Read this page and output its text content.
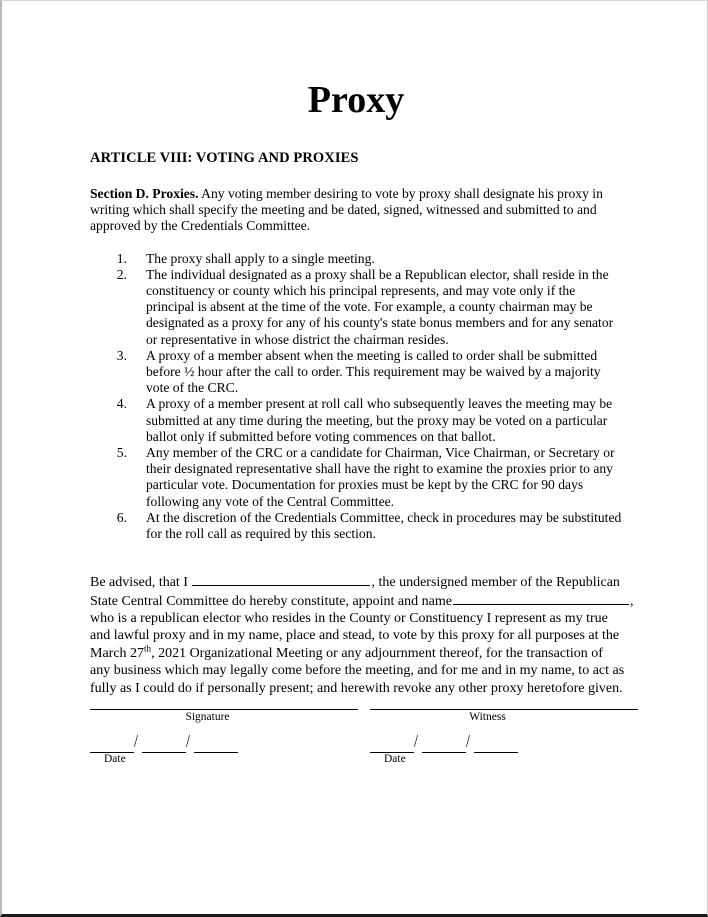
Proxy
ARTICLE VIII: VOTING AND PROXIES

Section D. Proxies. Any voting member desiring to vote by proxy shall designate his proxy in writing which shall specify the meeting and be dated, signed, witnessed and submitted to and approved by the Credentials Committee.

1. The proxy shall apply to a single meeting.
2. The individual designated as a proxy shall be a Republican elector, shall reside in the constituency or county which his principal represents, and may vote only if the principal is absent at the time of the vote. For example, a county chairman may be designated as a proxy for any of his county's state bonus members and for any senator or representative in whose district the chairman resides.
3. A proxy of a member absent when the meeting is called to order shall be submitted before ½ hour after the call to order. This requirement may be waived by a majority vote of the CRC.
4. A proxy of a member present at roll call who subsequently leaves the meeting may be submitted at any time during the meeting, but the proxy may be voted on a particular ballot only if submitted before voting commences on that ballot.
5. Any member of the CRC or a candidate for Chairman, Vice Chairman, or Secretary or their designated representative shall have the right to examine the proxies prior to any particular vote. Documentation for proxies must be kept by the CRC for 90 days following any vote of the Central Committee.
6. At the discretion of the Credentials Committee, check in procedures may be substituted for the roll call as required by this section.
Be advised, that I	, the undersigned member of the Republican
State Central Committee do hereby constitute, appoint and name	,
who is a republican elector who resides in the County or Constituency I represent as my true
and lawful proxy and in my name, place and stead, to vote by this proxy for all purposes at the
March 27th, 2021 Organizational Meeting or any adjournment thereof, for the transaction of
any business which may legally come before the meeting, and for me and in my name, to act as
fully as I could do if personally present; and herewith revoke any other proxy heretofore given.
Signature
/	/
Date
Witness
/	/
Date
